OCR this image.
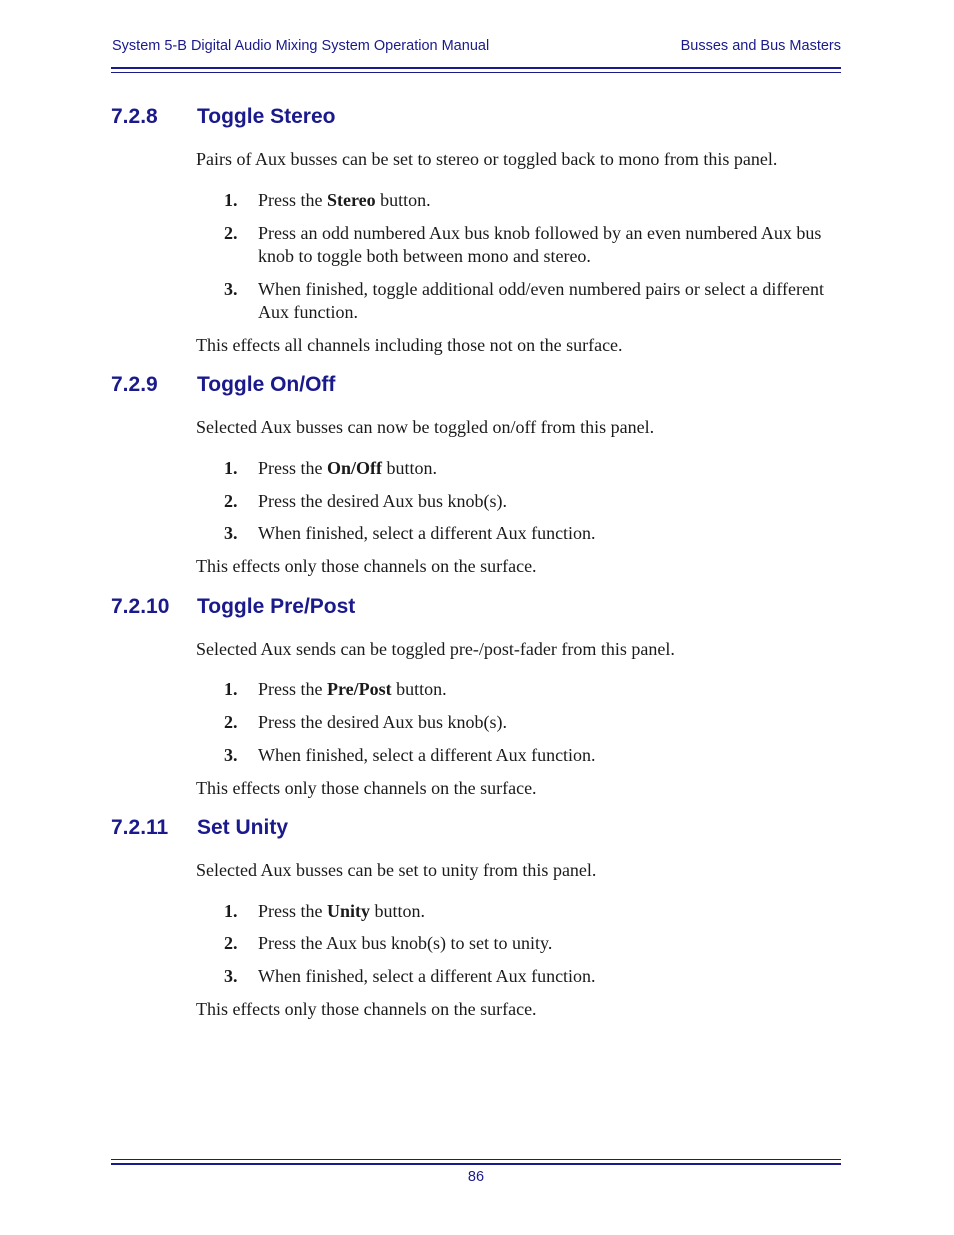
System 5-B Digital Audio Mixing System Operation Manual	Busses and Bus Masters
7.2.8 Toggle Stereo
Pairs of Aux busses can be set to stereo or toggled back to mono from this panel.
1. Press the Stereo button.
2. Press an odd numbered Aux bus knob followed by an even numbered Aux bus knob to toggle both between mono and stereo.
3. When finished, toggle additional odd/even numbered pairs or select a different Aux function.
This effects all channels including those not on the surface.
7.2.9 Toggle On/Off
Selected Aux busses can now be toggled on/off from this panel.
1. Press the On/Off button.
2. Press the desired Aux bus knob(s).
3. When finished, select a different Aux function.
This effects only those channels on the surface.
7.2.10 Toggle Pre/Post
Selected Aux sends can be toggled pre-/post-fader from this panel.
1. Press the Pre/Post button.
2. Press the desired Aux bus knob(s).
3. When finished, select a different Aux function.
This effects only those channels on the surface.
7.2.11 Set Unity
Selected Aux busses can be set to unity from this panel.
1. Press the Unity button.
2. Press the Aux bus knob(s) to set to unity.
3. When finished, select a different Aux function.
This effects only those channels on the surface.
86
